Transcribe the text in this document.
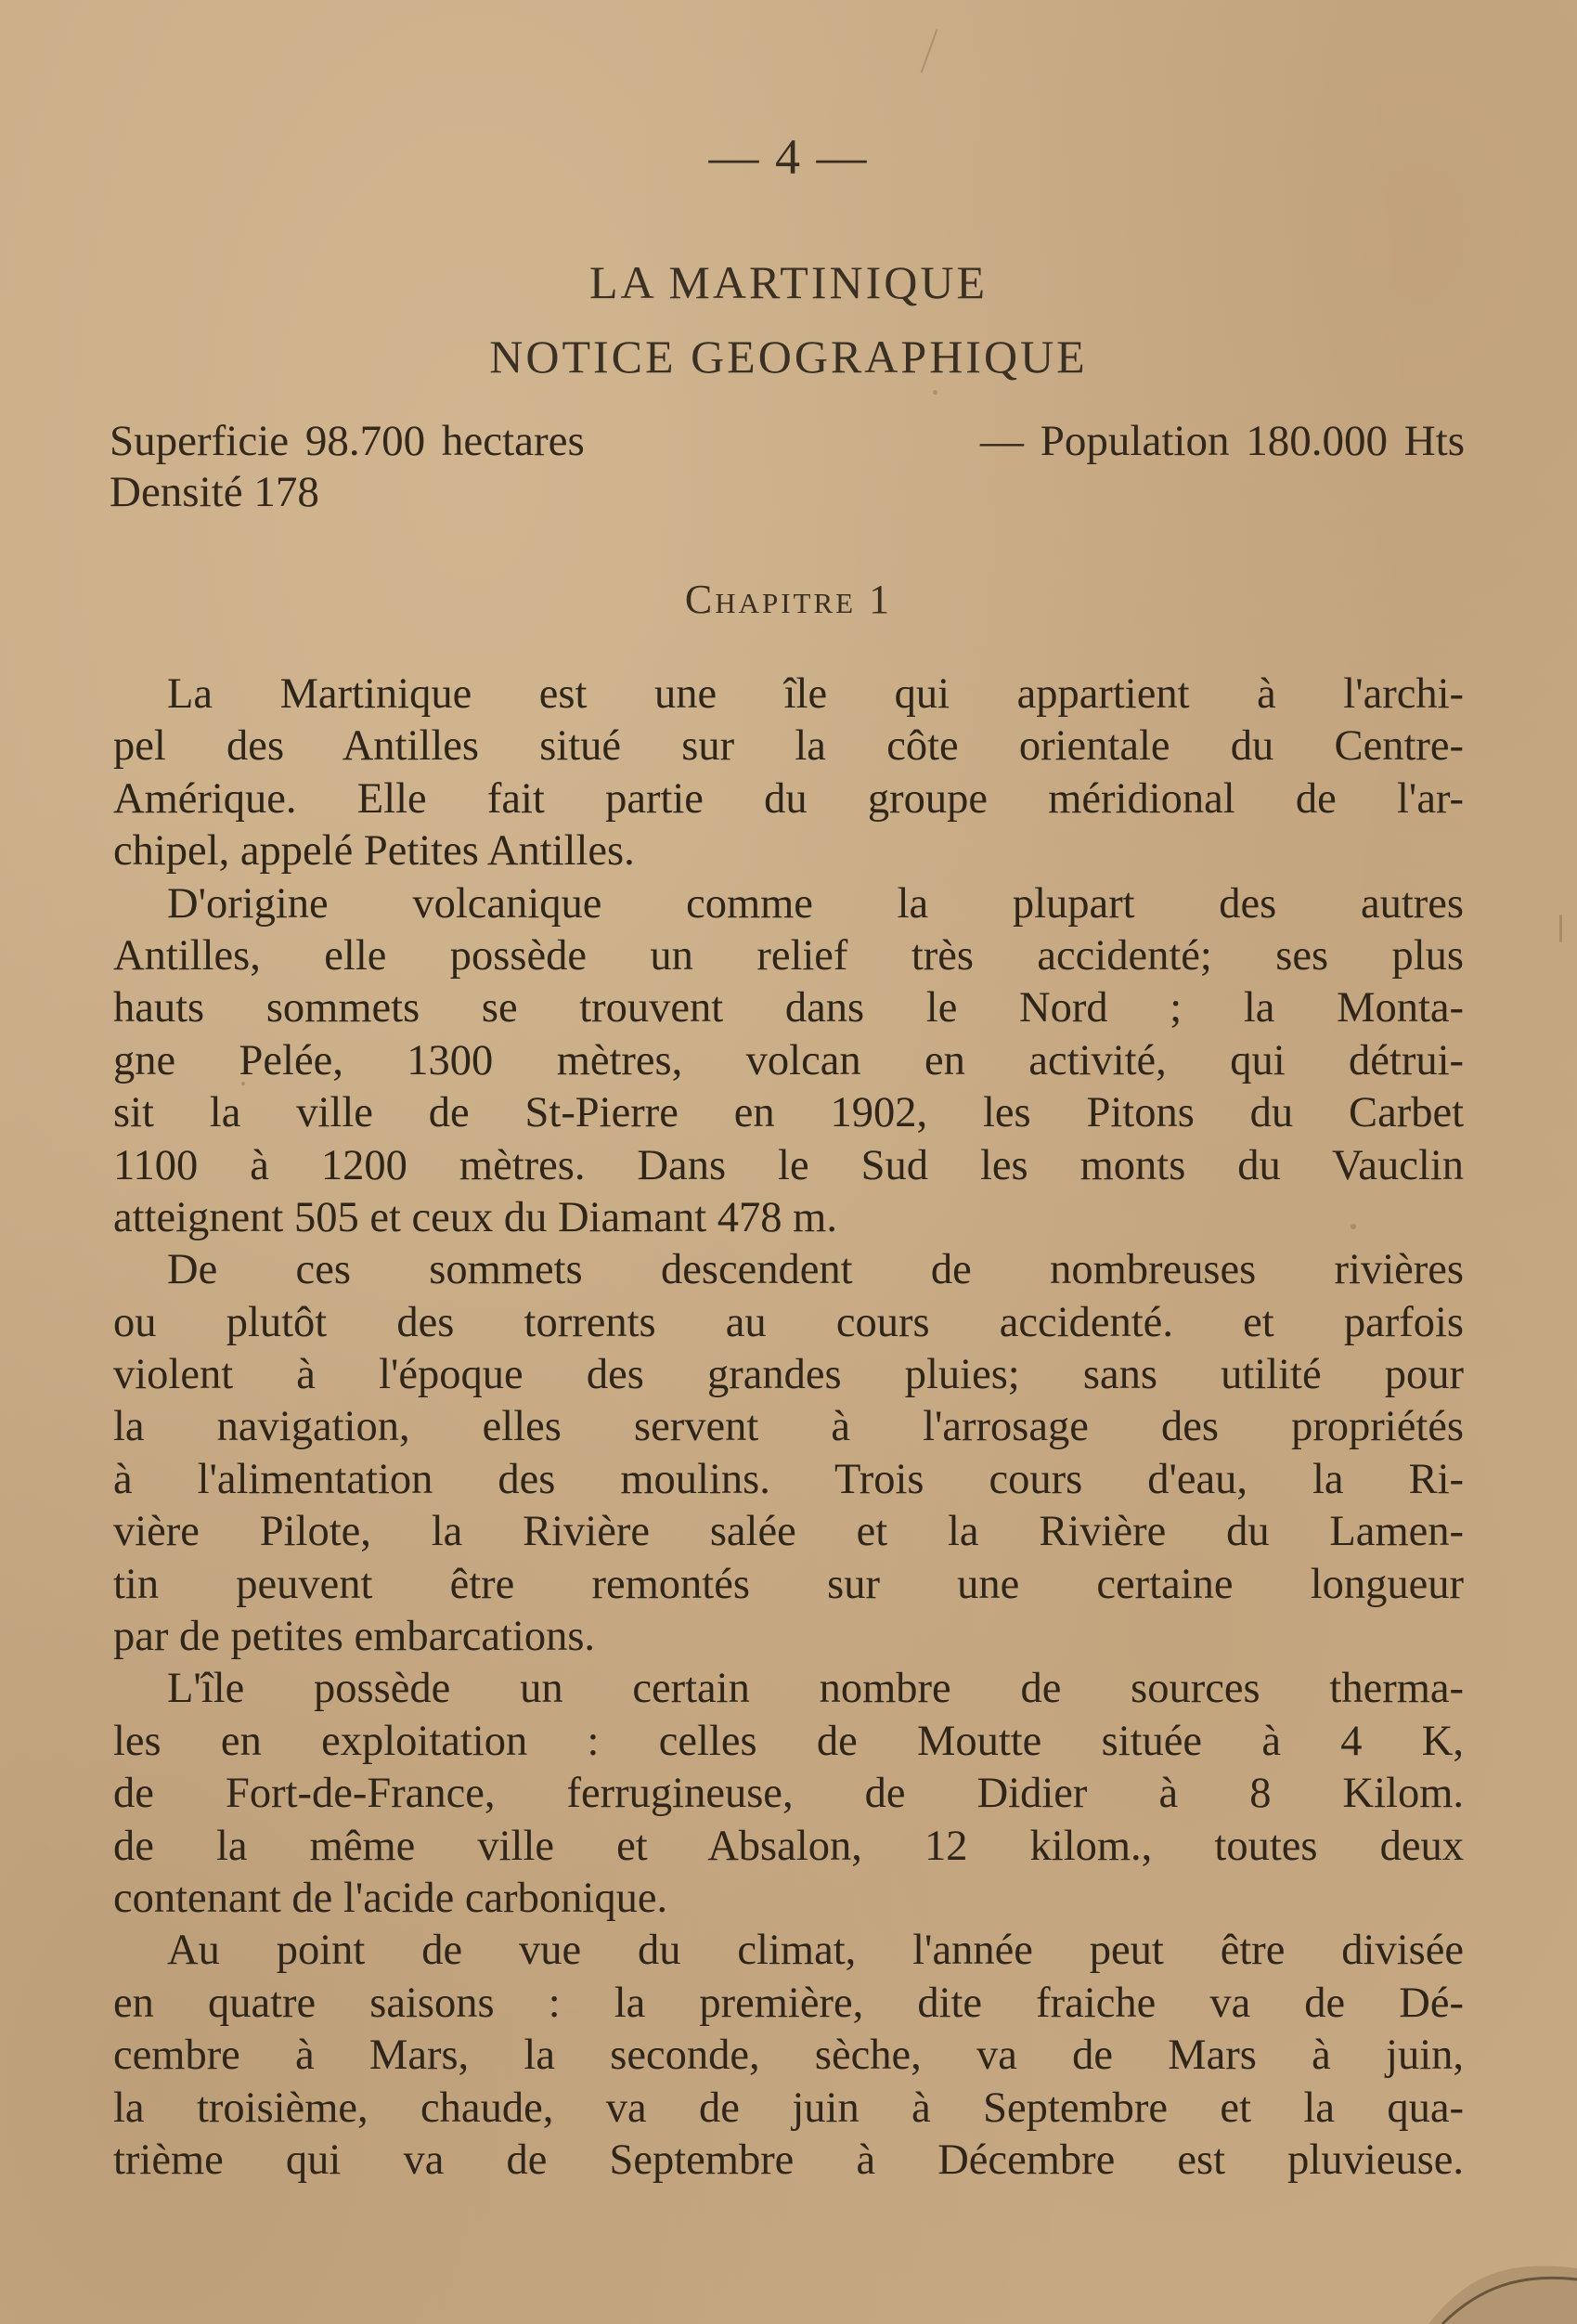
— 4 —
LA MARTINIQUE
NOTICE GEOGRAPHIQUE
Superficie 98.700 hectares	— Population 180.000 Hts
Densité 178
Chapitre 1
La Martinique est une île qui appartient à l'archi-
pel des Antilles situé sur la côte orientale du Centre-
Amérique. Elle fait partie du groupe méridional de l'ar-
chipel, appelé Petites Antilles.
D'origine volcanique comme la plupart des autres
Antilles, elle possède un relief très accidenté; ses plus
hauts sommets se trouvent dans le Nord ; la Monta-
gne Pelée, 1300 mètres, volcan en activité, qui détrui-
sit la ville de St-Pierre en 1902, les Pitons du Carbet
1100 à 1200 mètres. Dans le Sud les monts du Vauclin
atteignent 505 et ceux du Diamant 478 m.
De ces sommets descendent de nombreuses rivières
ou plutôt des torrents au cours accidenté. et parfois
violent à l'époque des grandes pluies; sans utilité pour
la navigation, elles servent à l'arrosage des propriétés
à l'alimentation des moulins. Trois cours d'eau, la Ri-
vière Pilote, la Rivière salée et la Rivière du Lamen-
tin peuvent être remontés sur une certaine longueur
par de petites embarcations.
L'île possède un certain nombre de sources therma-
les en exploitation : celles de Moutte située à 4 K,
de Fort-de-France, ferrugineuse, de Didier à 8 Kilom.
de la même ville et Absalon, 12 kilom., toutes deux
contenant de l'acide carbonique.
Au point de vue du climat, l'année peut être divisée
en quatre saisons : la première, dite fraiche va de Dé-
cembre à Mars, la seconde, sèche, va de Mars à juin,
la troisième, chaude, va de juin à Septembre et la qua-
trième qui va de Septembre à Décembre est pluvieuse.
